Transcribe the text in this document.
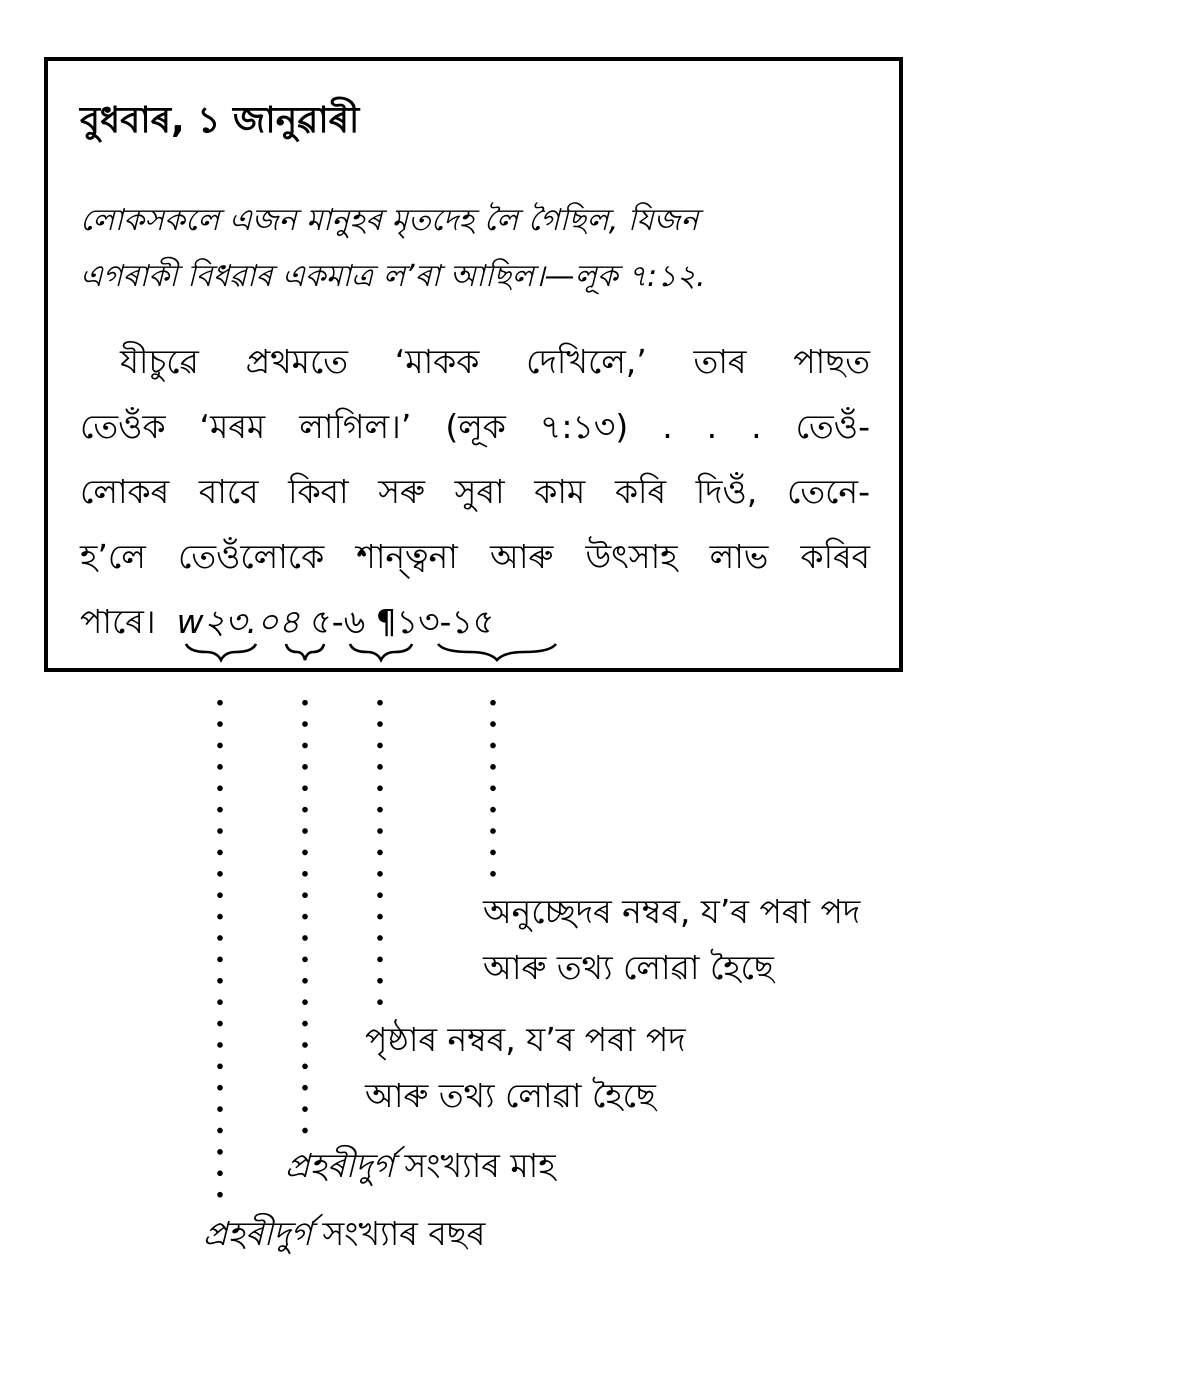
বুধবাৰ, ১ জানুৱাৰী
লোকসকলে এজন মানুহৰ মৃতদেহ লৈ গৈছিল, যিজন
এগৰাকী বিধৱাৰ একমাত্ৰ ল’ৰা আছিল।—লূক ৭:১২.
যীচুৱে প্ৰথমতে ‘মাকক দেখিলে,’ তাৰ পাছত
তেওঁক ‘মৰম লাগিল।’ (লূক ৭:১৩) . . . তেওঁ-
লোকৰ বাবে কিবা সৰু সুৰা কাম কৰি দিওঁ, তেনে-
হ’লে তেওঁলোকে শান্ত্বনা আৰু উৎসাহ লাভ কৰিব
পাৰে। w২৩.০৪ ৫-৬ ¶১৩-১৫
অনুচ্ছেদৰ নম্বৰ, য’ৰ পৰা পদ
আৰু তথ্য লোৱা হৈছে
পৃষ্ঠাৰ নম্বৰ, য’ৰ পৰা পদ
আৰু তথ্য লোৱা হৈছে
প্ৰহৰীদুৰ্গ সংখ্যাৰ মাহ
প্ৰহৰীদুৰ্গ সংখ্যাৰ বছৰ
